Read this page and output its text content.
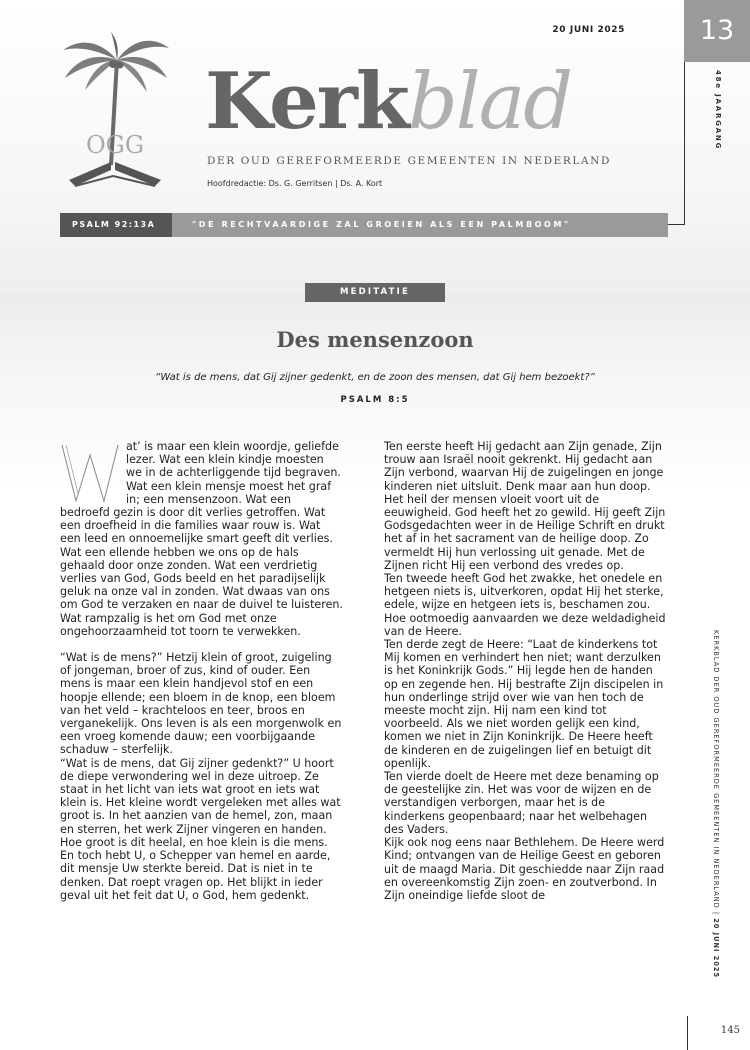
OGG
20 JUNI 2025	13
48e JAARGANG
Kerkblad
DER OUD GEREFORMEERDE GEMEENTEN IN NEDERLAND
Hoofdredactie: Ds. G. Gerritsen | Ds. A. Kort
PSALM 92:13A	"DE RECHTVAARDIGE ZAL GROEIEN ALS EEN PALMBOOM"
MEDITATIE
Des mensenzoon
“Wat is de mens, dat Gij zijner gedenkt, en de zoon des mensen, dat Gij hem bezoekt?”
PSALM 8:5

at’ is maar een klein woordje, geliefde lezer. Wat een klein kindje moesten we in de achterliggende tijd begraven. Wat een klein mensje moest het graf in; een mensenzoon. Wat een bedroefd gezin is door dit verlies getroffen. Wat een droefheid in die families waar rouw is. Wat een leed en onnoemelijke smart geeft dit verlies. Wat een ellende hebben we ons op de hals gehaald door onze zonden. Wat een verdrietig verlies van God, Gods beeld en het paradijselijk geluk na onze val in zonden. Wat dwaas van ons om God te verzaken en naar de duivel te luisteren. Wat rampzalig is het om God met onze ongehoorzaamheid tot toorn te verwekken.

“Wat is de mens?” Hetzij klein of groot, zuigeling of jongeman, broer of zus, kind of ouder. Een mens is maar een klein handjevol stof en een hoopje ellende; een bloem in de knop, een bloem van het veld – krachteloos en teer, broos en verganekelijk. Ons leven is als een morgenwolk en een vroeg komende dauw; een voorbijgaande schaduw – sterfelijk.

“Wat is de mens, dat Gij zijner gedenkt?” U hoort de diepe verwondering wel in deze uitroep. Ze staat in het licht van iets wat groot en iets wat klein is. Het kleine wordt vergeleken met alles wat groot is. In het aanzien van de hemel, zon, maan en sterren, het werk Zijner vingeren en handen. Hoe groot is dit heelal, en hoe klein is die mens. En toch hebt U, o Schepper van hemel en aarde, dit mensje Uw sterkte bereid. Dat is niet in te denken. Dat roept vragen op. Het blijkt in ieder geval uit het feit dat U, o God, hem gedenkt.

Ten eerste heeft Hij gedacht aan Zijn genade, Zijn trouw aan Israël nooit gekrenkt. Hij gedacht aan Zijn verbond, waarvan Hij de zuigelingen en jonge kinderen niet uitsluit. Denk maar aan hun doop. Het heil der mensen vloeit voort uit de eeuwigheid. God heeft het zo gewild. Hij geeft Zijn Godsgedachten weer in de Heilige Schrift en drukt het af in het sacrament van de heilige doop. Zo vermeldt Hij hun verlossing uit genade. Met de Zijnen richt Hij een verbond des vredes op.

Ten tweede heeft God het zwakke, het onedele en hetgeen niets is, uitverkoren, opdat Hij het sterke, edele, wijze en hetgeen iets is, beschamen zou. Hoe ootmoedig aanvaarden we deze weldadigheid van de Heere.

Ten derde zegt de Heere: “Laat de kinderkens tot Mij komen en verhindert hen niet; want derzulken is het Koninkrijk Gods.” Hij legde hen de handen op en zegende hen. Hij bestrafte Zijn discipelen in hun onderlinge strijd over wie van hen toch de meeste mocht zijn. Hij nam een kind tot voorbeeld. Als we niet worden gelijk een kind, komen we niet in Zijn Koninkrijk. De Heere heeft de kinderen en de zuigelingen lief en betuigt dit openlijk.

Ten vierde doelt de Heere met deze benaming op de geestelijke zin. Het was voor de wijzen en de verstandigen verborgen, maar het is de kinderkens geopenbaard; naar het welbehagen des Vaders.

Kijk ook nog eens naar Bethlehem. De Heere werd Kind; ontvangen van de Heilige Geest en geboren uit de maagd Maria. Dit geschiedde naar Zijn raad en overeenkomstig Zijn zoen- en zoutverbond. In Zijn oneindige liefde sloot de	KERKBLAD DER OUD GEREFORMEERDE GEMEENTEN IN NEDERLAND | 20 JUNI 2025
145
